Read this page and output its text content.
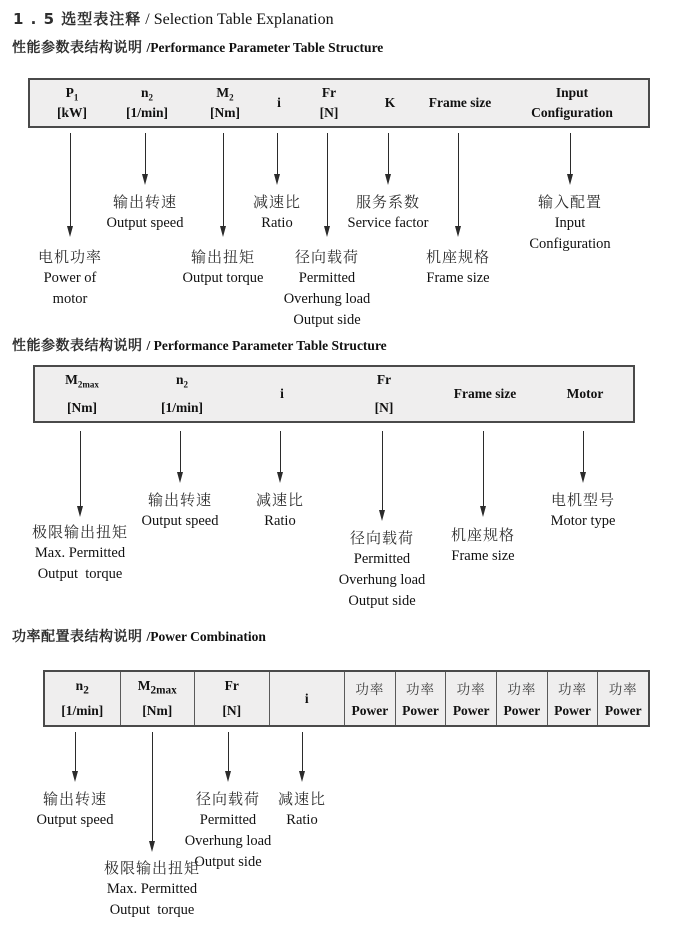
1 . 5 选型表注释 / Selection Table Explanation
性能参数表结构说明 /Performance Parameter Table Structure
$P_1$
[kW]
$n_2$
[1/min]
$M_2$
[Nm]
i
Fr
[N]
K Frame size
Input
Configuration
输出转速
Output speed
减速比
Ratio
服务系数
Service factor
输入配置
Input
Configuration
电机功率
Power of
motor
输出扭矩
Output torque
径向载荷
Permitted
Overhung load
Output side
机座规格
Frame size
性能参数表结构说明 / Performance Parameter Table Structure
$M_{2max}$
[Nm]
$n_2$
[1/min]
i
Fr
[N]
Frame size	Motor
输出转速
Output speed
减速比
Ratio
电机型号
Motor type
极限输出扭矩
Max. Permitted
Output  torque
径向载荷
Permitted
Overhung load
Output side
机座规格
Frame size
功率配置表结构说明 /Power Combination
$n_2$
[1/min]
$M_{2max}$
[Nm]
Fr
[N]
i	功率
Power
功率
Power
功率
Power
功率
Power
功率
Power
功率
Power
输出转速
Output speed
径向载荷
Permitted
Overhung load
Output side
减速比
Ratio
极限输出扭矩
Max. Permitted
Output  torque
